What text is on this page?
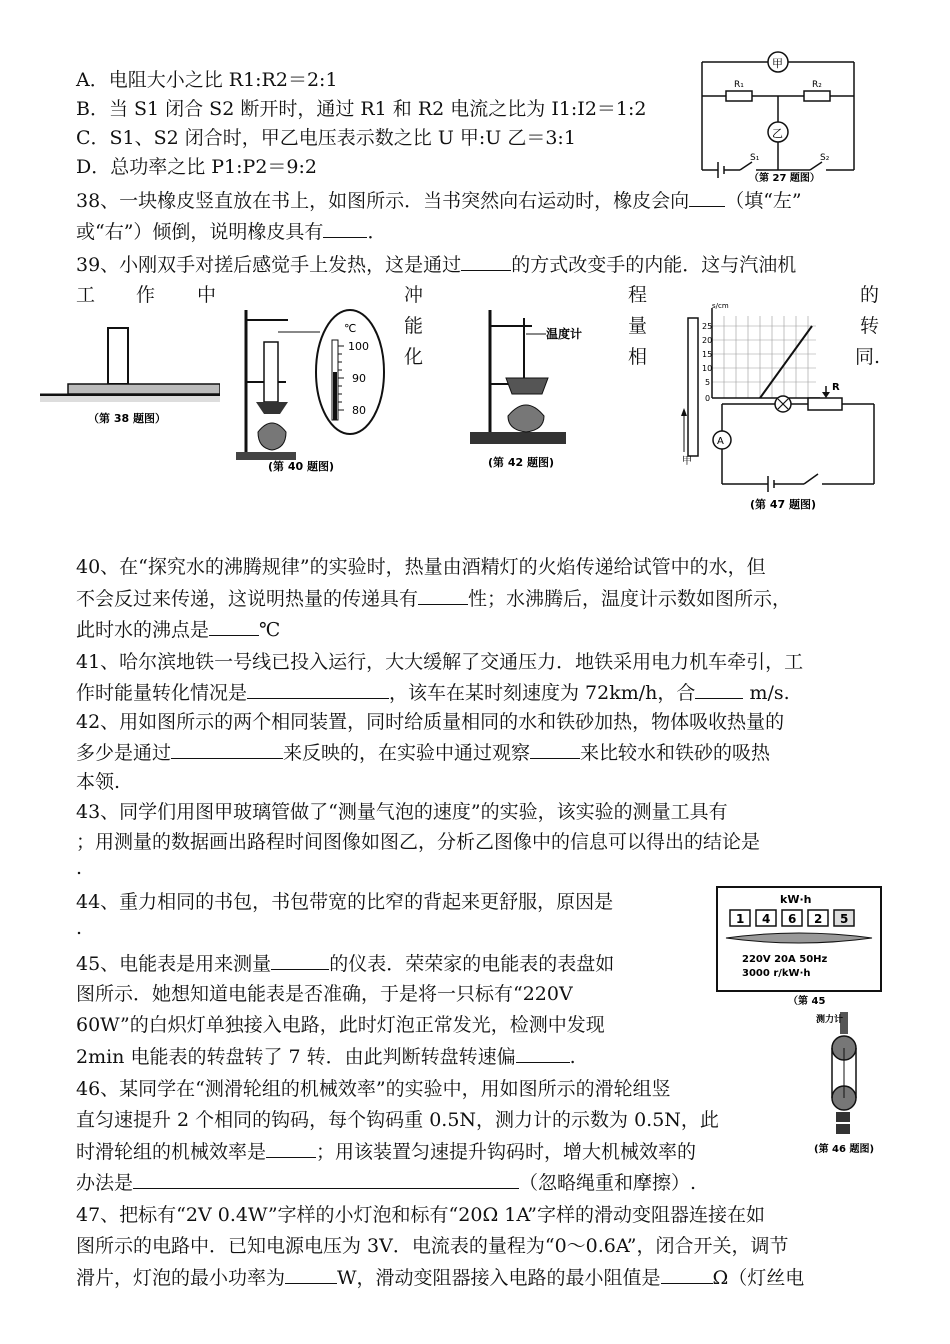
A．电阻大小之比 R1:R2＝2:1
B．当 S1 闭合 S2 断开时，通过 R1 和 R2 电流之比为 I1:I2＝1:2
C．S1、S2 闭合时，甲乙电压表示数之比 U 甲:U 乙＝3:1
D．总功率之比 P1:P2＝9:2
38、一块橡皮竖直放在书上，如图所示．当书突然向右运动时，橡皮会向 （填“左”
或“右”）倾倒，说明橡皮具有 ．
39、小刚双手对搓后感觉手上发热，这是通过	的方式改变手的内能．这与汽油机
工 作 中	冲	程	的
能	量	转
化	相	同.
40、在“探究水的沸腾规律”的实验时，热量由酒精灯的火焰传递给试管中的水，但
不会反过来传递，这说明热量的传递具有	性；水沸腾后，温度计示数如图所示，
此时水的沸点是	℃
41、哈尔滨地铁一号线已投入运行，大大缓解了交通压力．地铁采用电力机车牵引，工
作时能量转化情况是	，该车在某时刻速度为 72km/h，合	m/s.
42、用如图所示的两个相同装置，同时给质量相同的水和铁砂加热，物体吸收热量的
多少是通过	来反映的，在实验中通过观察	来比较水和铁砂的吸热
本领.
43、同学们用图甲玻璃管做了“测量气泡的速度”的实验，该实验的测量工具有
；用测量的数据画出路程时间图像如图乙，分析乙图像中的信息可以得出的结论是
.
44、重力相同的书包，书包带宽的比窄的背起来更舒服，原因是
.
45、电能表是用来测量	的仪表．荣荣家的电能表的表盘如
图所示．她想知道电能表是否准确，于是将一只标有“220V
60W”的白炽灯单独接入电路，此时灯泡正常发光，检测中发现
2min 电能表的转盘转了 7 转．由此判断转盘转速偏	.
46、某同学在“测滑轮组的机械效率”的实验中，用如图所示的滑轮组竖
直匀速提升 2 个相同的钩码，每个钩码重 0.5N，测力计的示数为 0.5N，此
时滑轮组的机械效率是	；用该装置匀速提升钩码时，增大机械效率的
办法是	（忽略绳重和摩擦）.
47、把标有“2V 0.4W”字样的小灯泡和标有“20Ω 1A”字样的滑动变阻器连接在如
图所示的电路中．已知电源电压为 3V．电流表的量程为“0～0.6A”，闭合开关，调节
滑片，灯泡的最小功率为	W，滑动变阻器接入电路的最小阻值是	Ω（灯丝电
甲
乙
R₁	R₂
S₁	S₂
（第 27 题图）
（第 38 题图）
℃
100
90
80
(第 40 题图)
温度计
(第 42 题图)	甲
s/cm
25
20
15
10
5
0
A
R
(第 47 题图)
kW·h
1 4 6 2 5
220V 20A 50Hz
3000 r/kW·h
（第 45
测力计
(第 46 题图)
